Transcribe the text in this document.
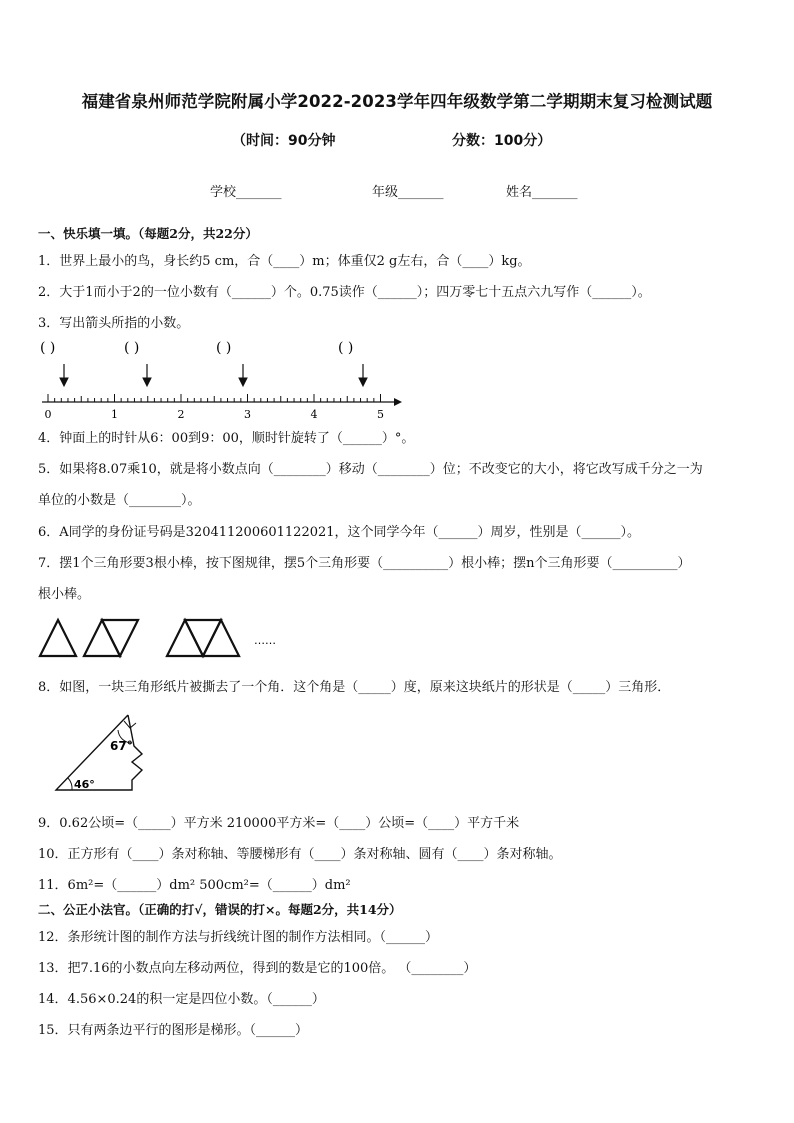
福建省泉州师范学院附属小学2022-2023学年四年级数学第二学期期末复习检测试题
（时间：90分钟	分数：100分）
学校_______	年级_______	姓名_______
一、快乐填一填。（每题2分，共22分）
1．世界上最小的鸟，身长约5 cm，合（____）m；体重仅2 g左右，合（____）kg。
2．大于1而小于2的一位小数有（______）个。0.75读作（______）；四万零七十五点六九写作（______）。
3．写出箭头所指的小数。
( )	( )	( )	( )
0	1	2	3	4	5
4．钟面上的时针从6：00到9：00，顺时针旋转了（______）°。
5．如果将8.07乘10，就是将小数点向（________）移动（________）位；不改变它的大小，将它改写成千分之一为
单位的小数是（________）。
6．A同学的身份证号码是320411200601122021，这个同学今年（______）周岁，性别是（______）。
7．摆1个三角形要3根小棒，按下图规律，摆5个三角形要（__________）根小棒；摆n个三角形要（__________）
根小棒。
……
8．如图，一块三角形纸片被撕去了一个角．这个角是（_____）度，原来这块纸片的形状是（_____）三角形．
67°
46°
9．0.62公顷=（_____）平方米 210000平方米=（____）公顷=（____）平方千米
10．正方形有（____）条对称轴、等腰梯形有（____）条对称轴、圆有（____）条对称轴。
11．6m²=（______）dm² 500cm²=（______）dm²
二、公正小法官。（正确的打√，错误的打×。每题2分，共14分）
12．条形统计图的制作方法与折线统计图的制作方法相同。（______）
13．把7.16的小数点向左移动两位，得到的数是它的100倍。 （________）
14．4.56×0.24的积一定是四位小数。（______）
15．只有两条边平行的图形是梯形。（______）
